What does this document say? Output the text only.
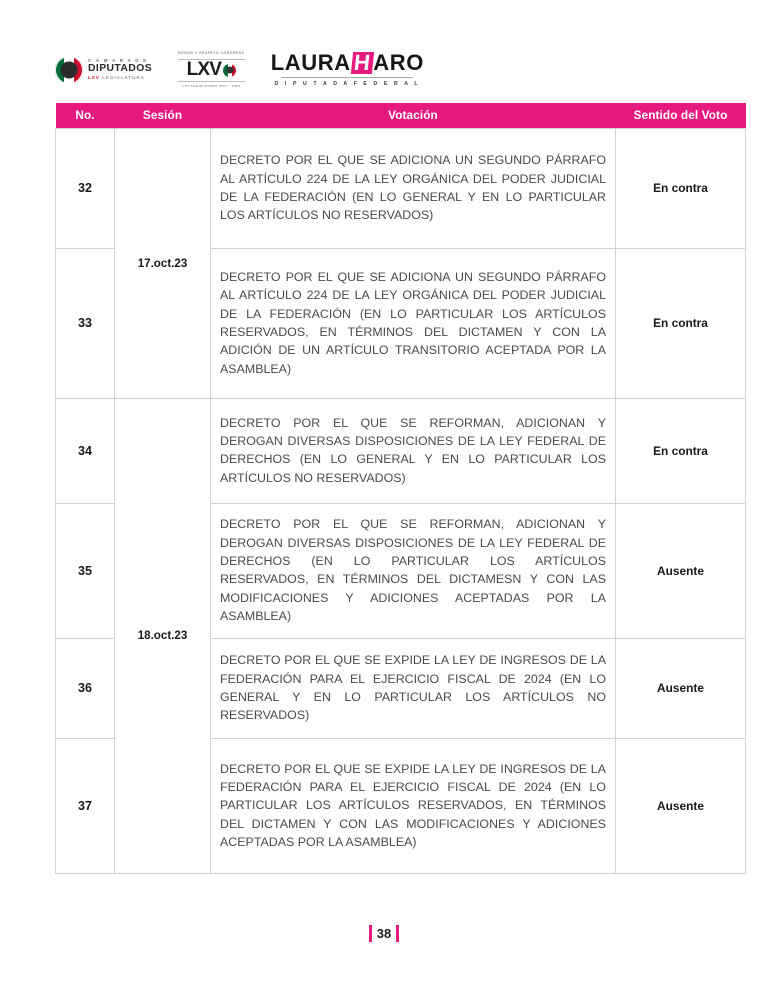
C Á M A R A D E
DIPUTADOS
LXV LEGISLATURA
HONOR Y RESPETO CONGRESO
LXV
LXV LEGISLATURA 2021 - 2024
LAURAHARO
D I P U T A D A F E D E R A L
No.	Sesión	Votación	Sentido del Voto
32	17.oct.23	DECRETO POR EL QUE SE ADICIONA UN SEGUNDO PÁRRAFO AL ARTÍCULO 224 DE LA LEY ORGÁNICA DEL PODER JUDICIAL DE LA FEDERACIÓN (EN LO GENERAL Y EN LO PARTICULAR LOS ARTÍCULOS NO RESERVADOS)	En contra
33		DECRETO POR EL QUE SE ADICIONA UN SEGUNDO PÁRRAFO AL ARTÍCULO 224 DE LA LEY ORGÁNICA DEL PODER JUDICIAL DE LA FEDERACIÓN (EN LO PARTICULAR LOS ARTÍCULOS RESERVADOS, EN TÉRMINOS DEL DICTAMEN Y CON LA ADICIÓN DE UN ARTÍCULO TRANSITORIO ACEPTADA POR LA ASAMBLEA)	En contra
34	18.oct.23	DECRETO POR EL QUE SE REFORMAN, ADICIONAN Y DEROGAN DIVERSAS DISPOSICIONES DE LA LEY FEDERAL DE DERECHOS (EN LO GENERAL Y EN LO PARTICULAR LOS ARTÍCULOS NO RESERVADOS)	En contra
35		DECRETO POR EL QUE SE REFORMAN, ADICIONAN Y DEROGAN DIVERSAS DISPOSICIONES DE LA LEY FEDERAL DE DERECHOS (EN LO PARTICULAR LOS ARTÍCULOS RESERVADOS, EN TÉRMINOS DEL DICTAMESN Y CON LAS MODIFICACIONES Y ADICIONES ACEPTADAS POR LA ASAMBLEA)	Ausente
36		DECRETO POR EL QUE SE EXPIDE LA LEY DE INGRESOS DE LA FEDERACIÓN PARA EL EJERCICIO FISCAL DE 2024 (EN LO GENERAL Y EN LO PARTICULAR LOS ARTÍCULOS NO RESERVADOS)	Ausente
37		DECRETO POR EL QUE SE EXPIDE LA LEY DE INGRESOS DE LA FEDERACIÓN PARA EL EJERCICIO FISCAL DE 2024 (EN LO PARTICULAR LOS ARTÍCULOS RESERVADOS, EN TÉRMINOS DEL DICTAMEN Y CON LAS MODIFICACIONES Y ADICIONES ACEPTADAS POR LA ASAMBLEA)	Ausente
38
